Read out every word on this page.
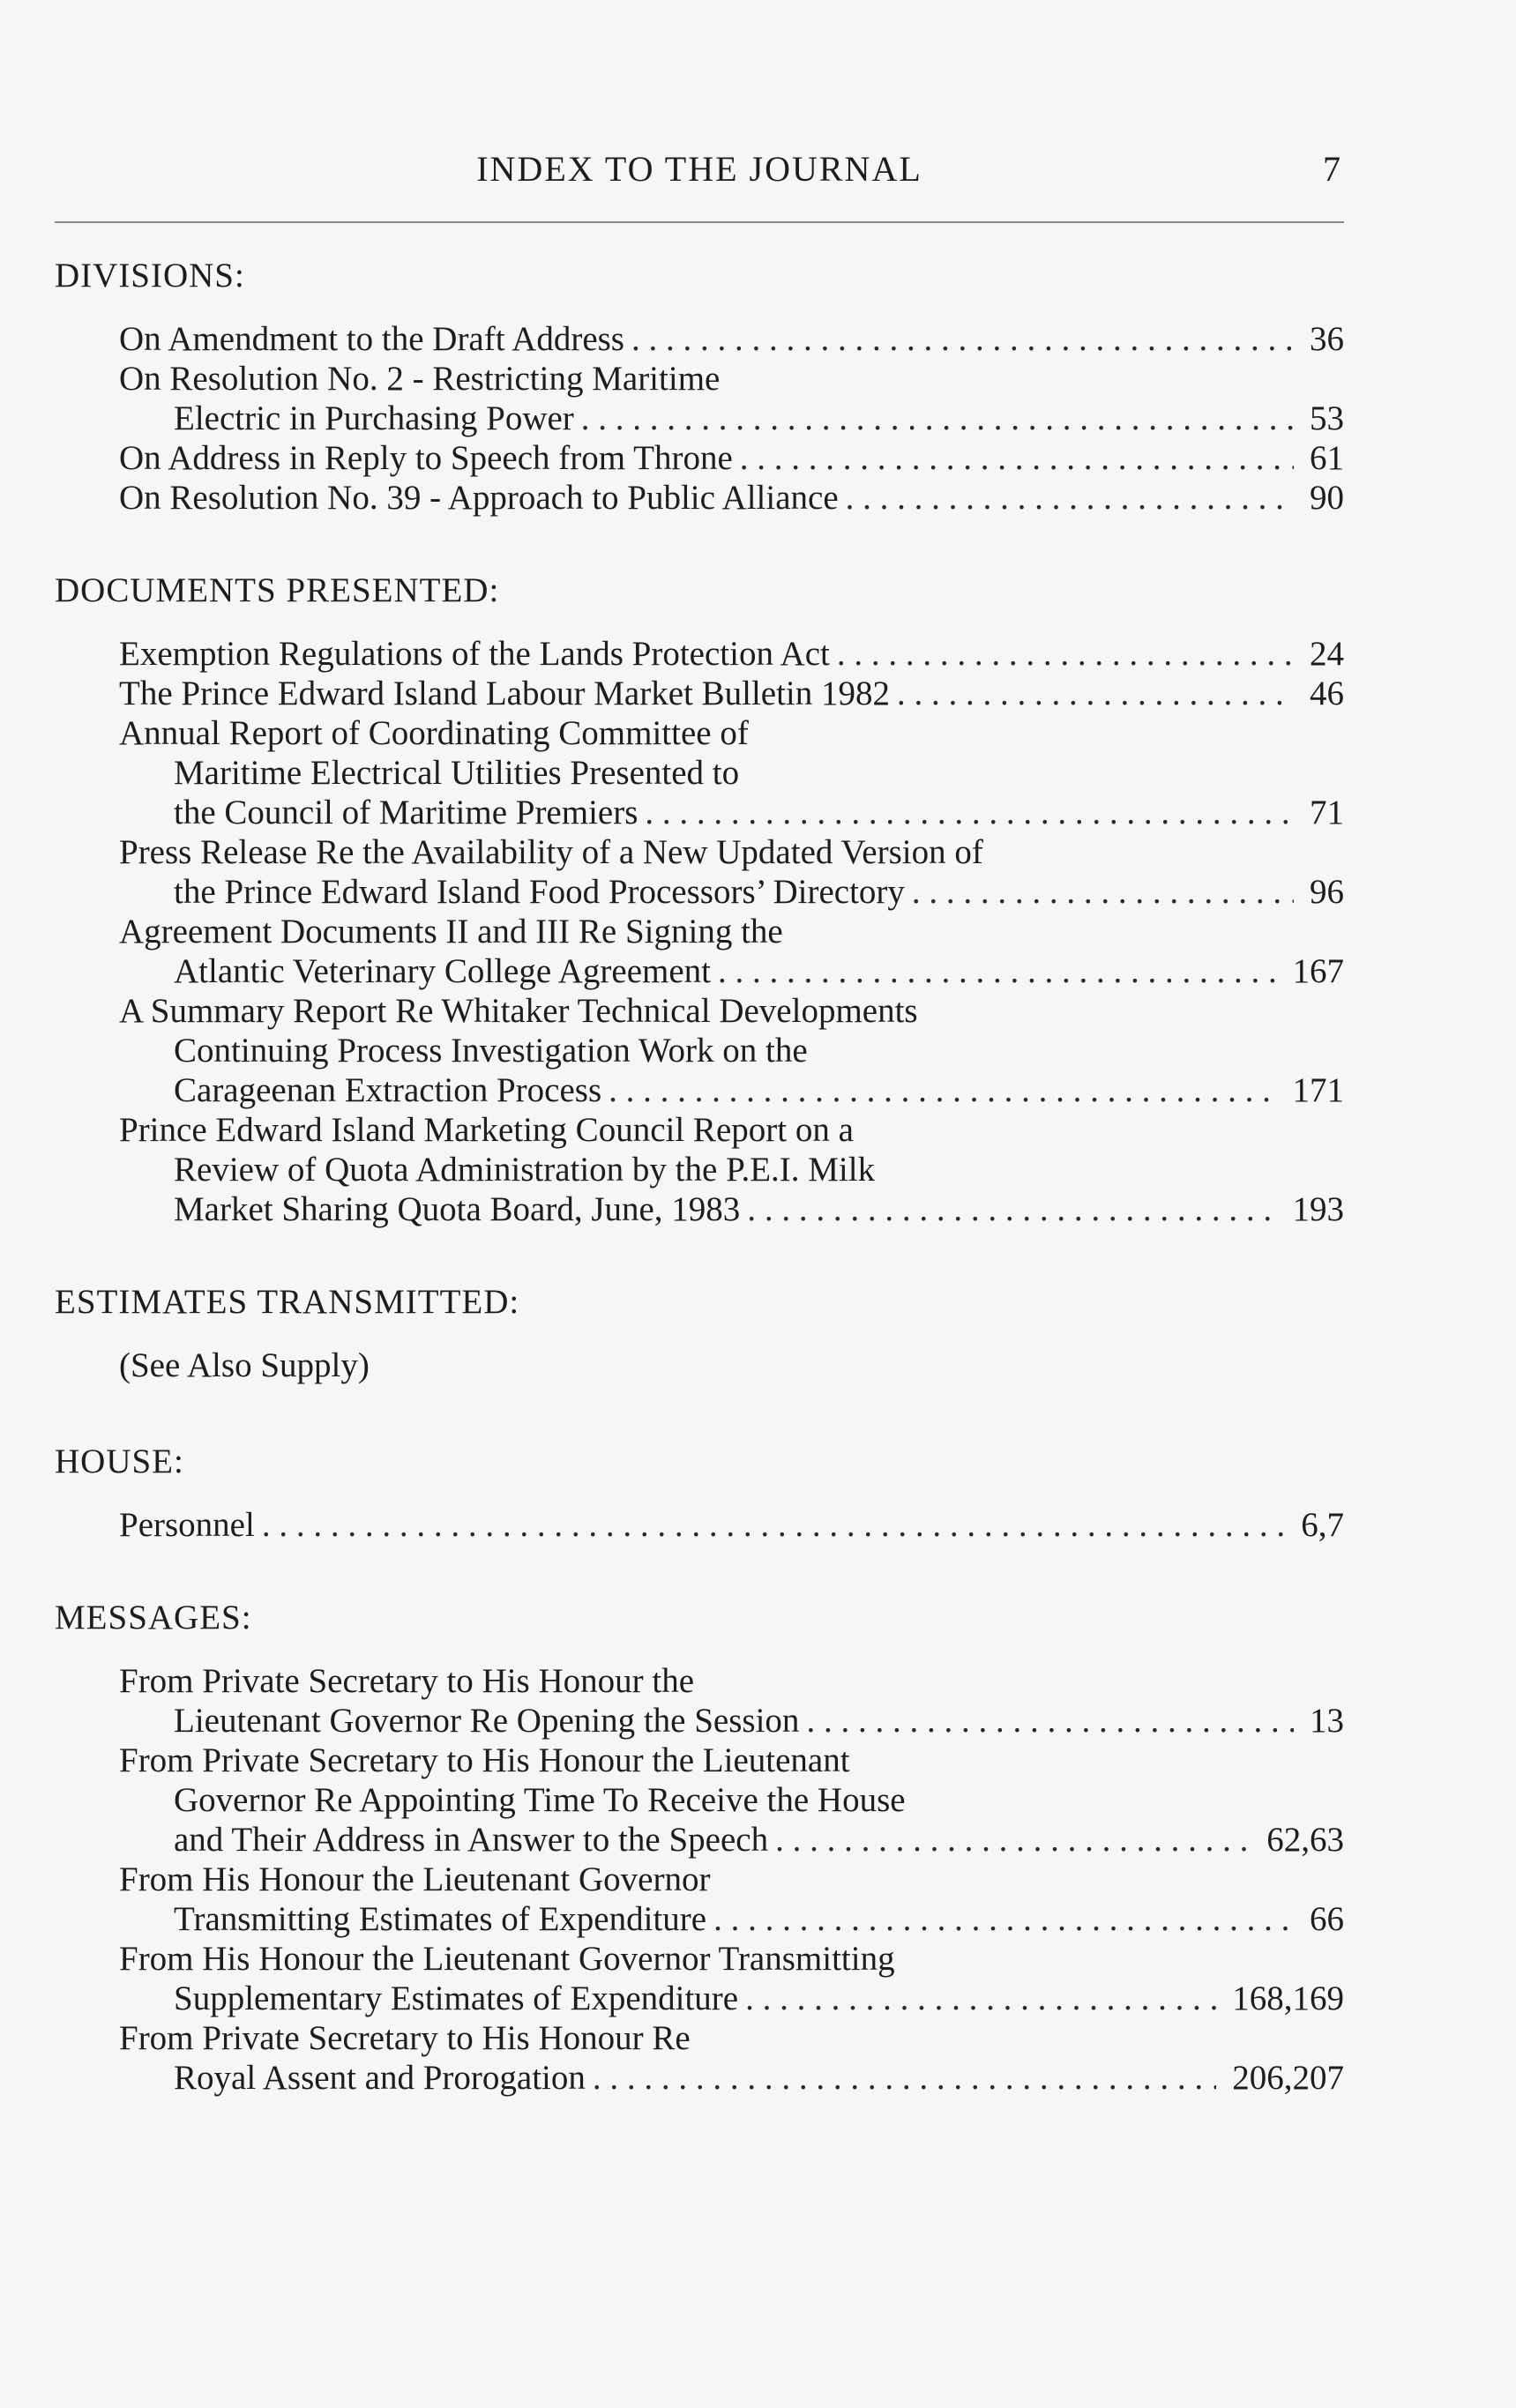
INDEX TO THE JOURNAL	7
DIVISIONS:
On Amendment to the Draft Address . . .	36
On Resolution No. 2 - Restricting Maritime
Electric in Purchasing Power . . .	53
On Address in Reply to Speech from Throne . . .	61
On Resolution No. 39 - Approach to Public Alliance . . .	90
DOCUMENTS PRESENTED:
Exemption Regulations of the Lands Protection Act . . .	24
The Prince Edward Island Labour Market Bulletin 1982 . . .	46
Annual Report of Coordinating Committee of
Maritime Electrical Utilities Presented to
the Council of Maritime Premiers . . .	71
Press Release Re the Availability of a New Updated Version of
the Prince Edward Island Food Processors’ Directory . . .	96
Agreement Documents II and III Re Signing the
Atlantic Veterinary College Agreement . . .	167
A Summary Report Re Whitaker Technical Developments
Continuing Process Investigation Work on the
Carageenan Extraction Process . . .	171
Prince Edward Island Marketing Council Report on a
Review of Quota Administration by the P.E.I. Milk
Market Sharing Quota Board, June, 1983 . . .	193
ESTIMATES TRANSMITTED:
(See Also Supply)
HOUSE:
Personnel . . .	6,7
MESSAGES:
From Private Secretary to His Honour the
Lieutenant Governor Re Opening the Session . . .	13
From Private Secretary to His Honour the Lieutenant
Governor Re Appointing Time To Receive the House
and Their Address in Answer to the Speech . . .	62,63
From His Honour the Lieutenant Governor
Transmitting Estimates of Expenditure . . .	66
From His Honour the Lieutenant Governor Transmitting
Supplementary Estimates of Expenditure . . .	168,169
From Private Secretary to His Honour Re
Royal Assent and Prorogation . . .	206,207
